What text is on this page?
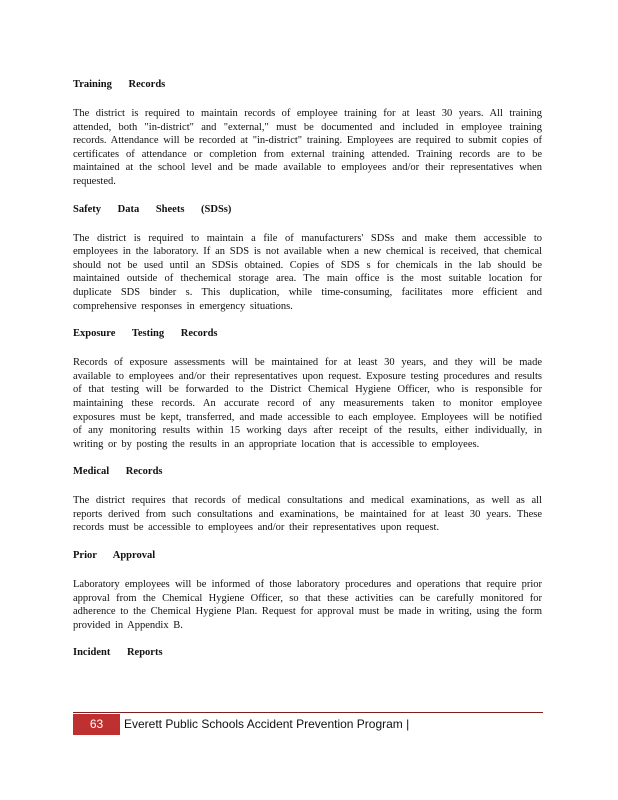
Training Records
The district is required to maintain records of employee training for at least 30 years. All training attended, both "in-district" and "external," must be documented and included in employee training records. Attendance will be recorded at "in-district" training. Employees are required to submit copies of certificates of attendance or completion from external training attended. Training records are to be maintained at the school level and be made available to employees and/or their representatives when requested.
Safety Data Sheets (SDSs)
The district is required to maintain a file of manufacturers' SDSs and make them accessible to employees in the laboratory. If an SDS is not available when a new chemical is received, that chemical should not be used until an SDSis obtained. Copies of SDS s for chemicals in the lab should be maintained outside of thechemical storage area. The main office is the most suitable location for duplicate SDS binder s. This duplication, while time-consuming, facilitates more efficient and comprehensive responses in emergency situations.
Exposure Testing Records
Records of exposure assessments will be maintained for at least 30 years, and they will be made available to employees and/or their representatives upon request. Exposure testing procedures and results of that testing will be forwarded to the District Chemical Hygiene Officer, who is responsible for maintaining these records. An accurate record of any measurements taken to monitor employee exposures must be kept, transferred, and made accessible to each employee. Employees will be notified of any monitoring results within 15 working days after receipt of the results, either individually, in writing or by posting the results in an appropriate location that is accessible to employees.
Medical Records
The district requires that records of medical consultations and medical examinations, as well as all reports derived from such consultations and examinations, be maintained for at least 30 years. These records must be accessible to employees and/or their representatives upon request.
Prior Approval
Laboratory employees will be informed of those laboratory procedures and operations that require prior approval from the Chemical Hygiene Officer, so that these activities can be carefully monitored for adherence to the Chemical Hygiene Plan. Request for approval must be made in writing, using the form provided in Appendix B.
Incident Reports
63	Everett Public Schools Accident Prevention Program |
